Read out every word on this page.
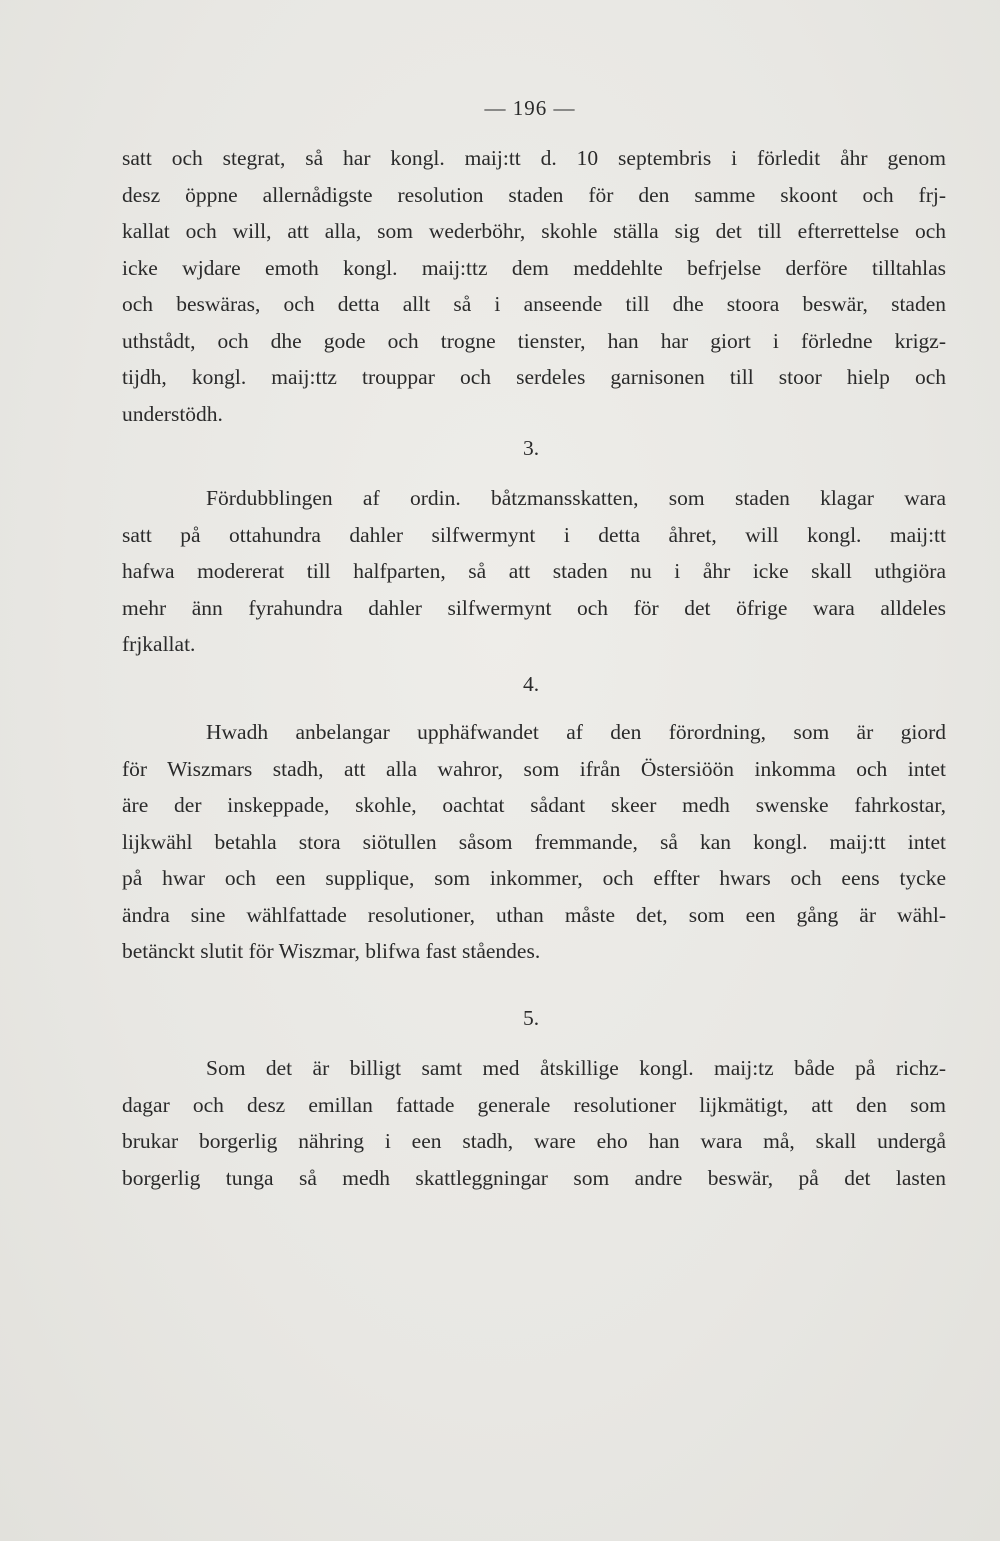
— 196 —
satt och stegrat, så har kongl. maij:tt d. 10 septembris i förledit åhr genom
desz öppne allernådigste resolution staden för den samme skoont och frj-
kallat och will, att alla, som wederböhr, skohle ställa sig det till efterrettelse och
icke wjdare emoth kongl. maij:ttz dem meddehlte befrjelse derföre tilltahlas
och beswäras, och detta allt så i anseende till dhe stoora beswär, staden
uthstådt, och dhe gode och trogne tienster, han har giort i förledne krigz-
tijdh, kongl. maij:ttz trouppar och serdeles garnisonen till stoor hielp och
understödh.
3.
Fördubblingen af ordin. båtzmansskatten, som staden klagar wara
satt på ottahundra dahler silfwermynt i detta åhret, will kongl. maij:tt
hafwa modererat till halfparten, så att staden nu i åhr icke skall uthgiöra
mehr änn fyrahundra dahler silfwermynt och för det öfrige wara alldeles
frjkallat.
4.
Hwadh anbelangar upphäfwandet af den förordning, som är giord
för Wiszmars stadh, att alla wahror, som ifrån Östersiöön inkomma och intet
äre der inskeppade, skohle, oachtat sådant skeer medh swenske fahrkostar,
lijkwähl betahla stora siötullen såsom fremmande, så kan kongl. maij:tt intet
på hwar och een supplique, som inkommer, och effter hwars och eens tycke
ändra sine wählfattade resolutioner, uthan måste det, som een gång är wähl-
betänckt slutit för Wiszmar, blifwa fast ståendes.
5.
Som det är billigt samt med åtskillige kongl. maij:tz både på richz-
dagar och desz emillan fattade generale resolutioner lijkmätigt, att den som
brukar borgerlig nähring i een stadh, ware eho han wara må, skall undergå
borgerlig tunga så medh skattleggningar som andre beswär, på det lasten
